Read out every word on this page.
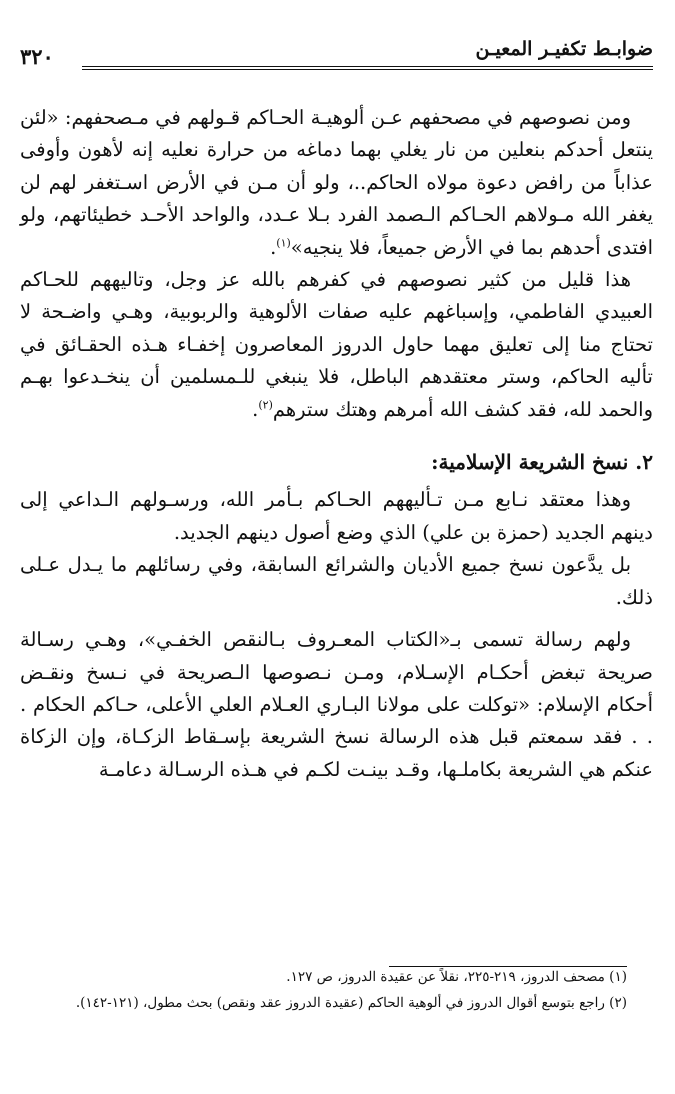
ضوابـط تكفيـر المعيـن
٣٢٠

ومن نصوصهم في مصحفهم عـن ألوهيـة الحـاكم قـولهم في مـصحفهم: «لئن ينتعل أحدكم بنعلين من نار يغلي بهما دماغه من حرارة نعليه إنه لأهون وأوفى عذاباً من رافض دعوة مولاه الحاكم..، ولو أن مـن في الأرض اسـتغفر لهم لن يغفر الله مـولاهم الحـاكم الـصمد الفرد بـلا عـدد، والواحد الأحـد خطيئاتهم، ولو افتدى أحدهم بما في الأرض جميعاً، فلا ينجيه»$^{(١)}$.

هذا قليل من كثير نصوصهم في كفرهم بالله عز وجل، وتاليههم للحـاكم العبيدي الفاطمي، وإسباغهم عليه صفات الألوهية والربوبية، وهـي واضـحة لا تحتاج منا إلى تعليق مهما حاول الدروز المعاصرون إخفـاء هـذه الحقـائق في تأليه الحاكم، وستر معتقدهم الباطل، فلا ينبغي للـمسلمين أن ينخـدعوا بهـم والحمد لله، فقد كشف الله أمرهم وهتك سترهم$^{(٢)}$.

٢. نسخ الشريعة الإسلامية:

وهذا معتقد نـابع مـن تـأليههم الحـاكم بـأمر الله، ورسـولهم الـداعي إلى دينهم الجديد (حمزة بن علي) الذي وضع أصول دينهم الجديد.

بل يدَّعون نسخ جميع الأديان والشرائع السابقة، وفي رسائلهم ما يـدل عـلى ذلك.

ولهم رسالة تسمى بـ«الكتاب المعـروف بـالنقص الخفـي»، وهـي رسـالة صريحة تبغض أحكـام الإسـلام، ومـن نـصوصها الـصريحة في نـسخ ونقـض أحكام الإسلام: «توكلت على مولانا البـاري العـلام العلي الأعلى، حـاكم الحكام . . . فقد سمعتم قبل هذه الرسالة نسخ الشريعة بإسـقاط الزكـاة، وإن الزكاة عنكم هي الشريعة بكاملـها، وقـد بينـت لكـم في هـذه الرسـالة دعامـة

(١) مصحف الدروز، ٢١٩-٢٢٥، نقلاً عن عقيدة الدروز، ص ١٢٧.

(٢) راجع بتوسع أقوال الدروز في ألوهية الحاكم (عقيدة الدروز عقد ونقص) بحث مطول، (١٢١-١٤٢).
